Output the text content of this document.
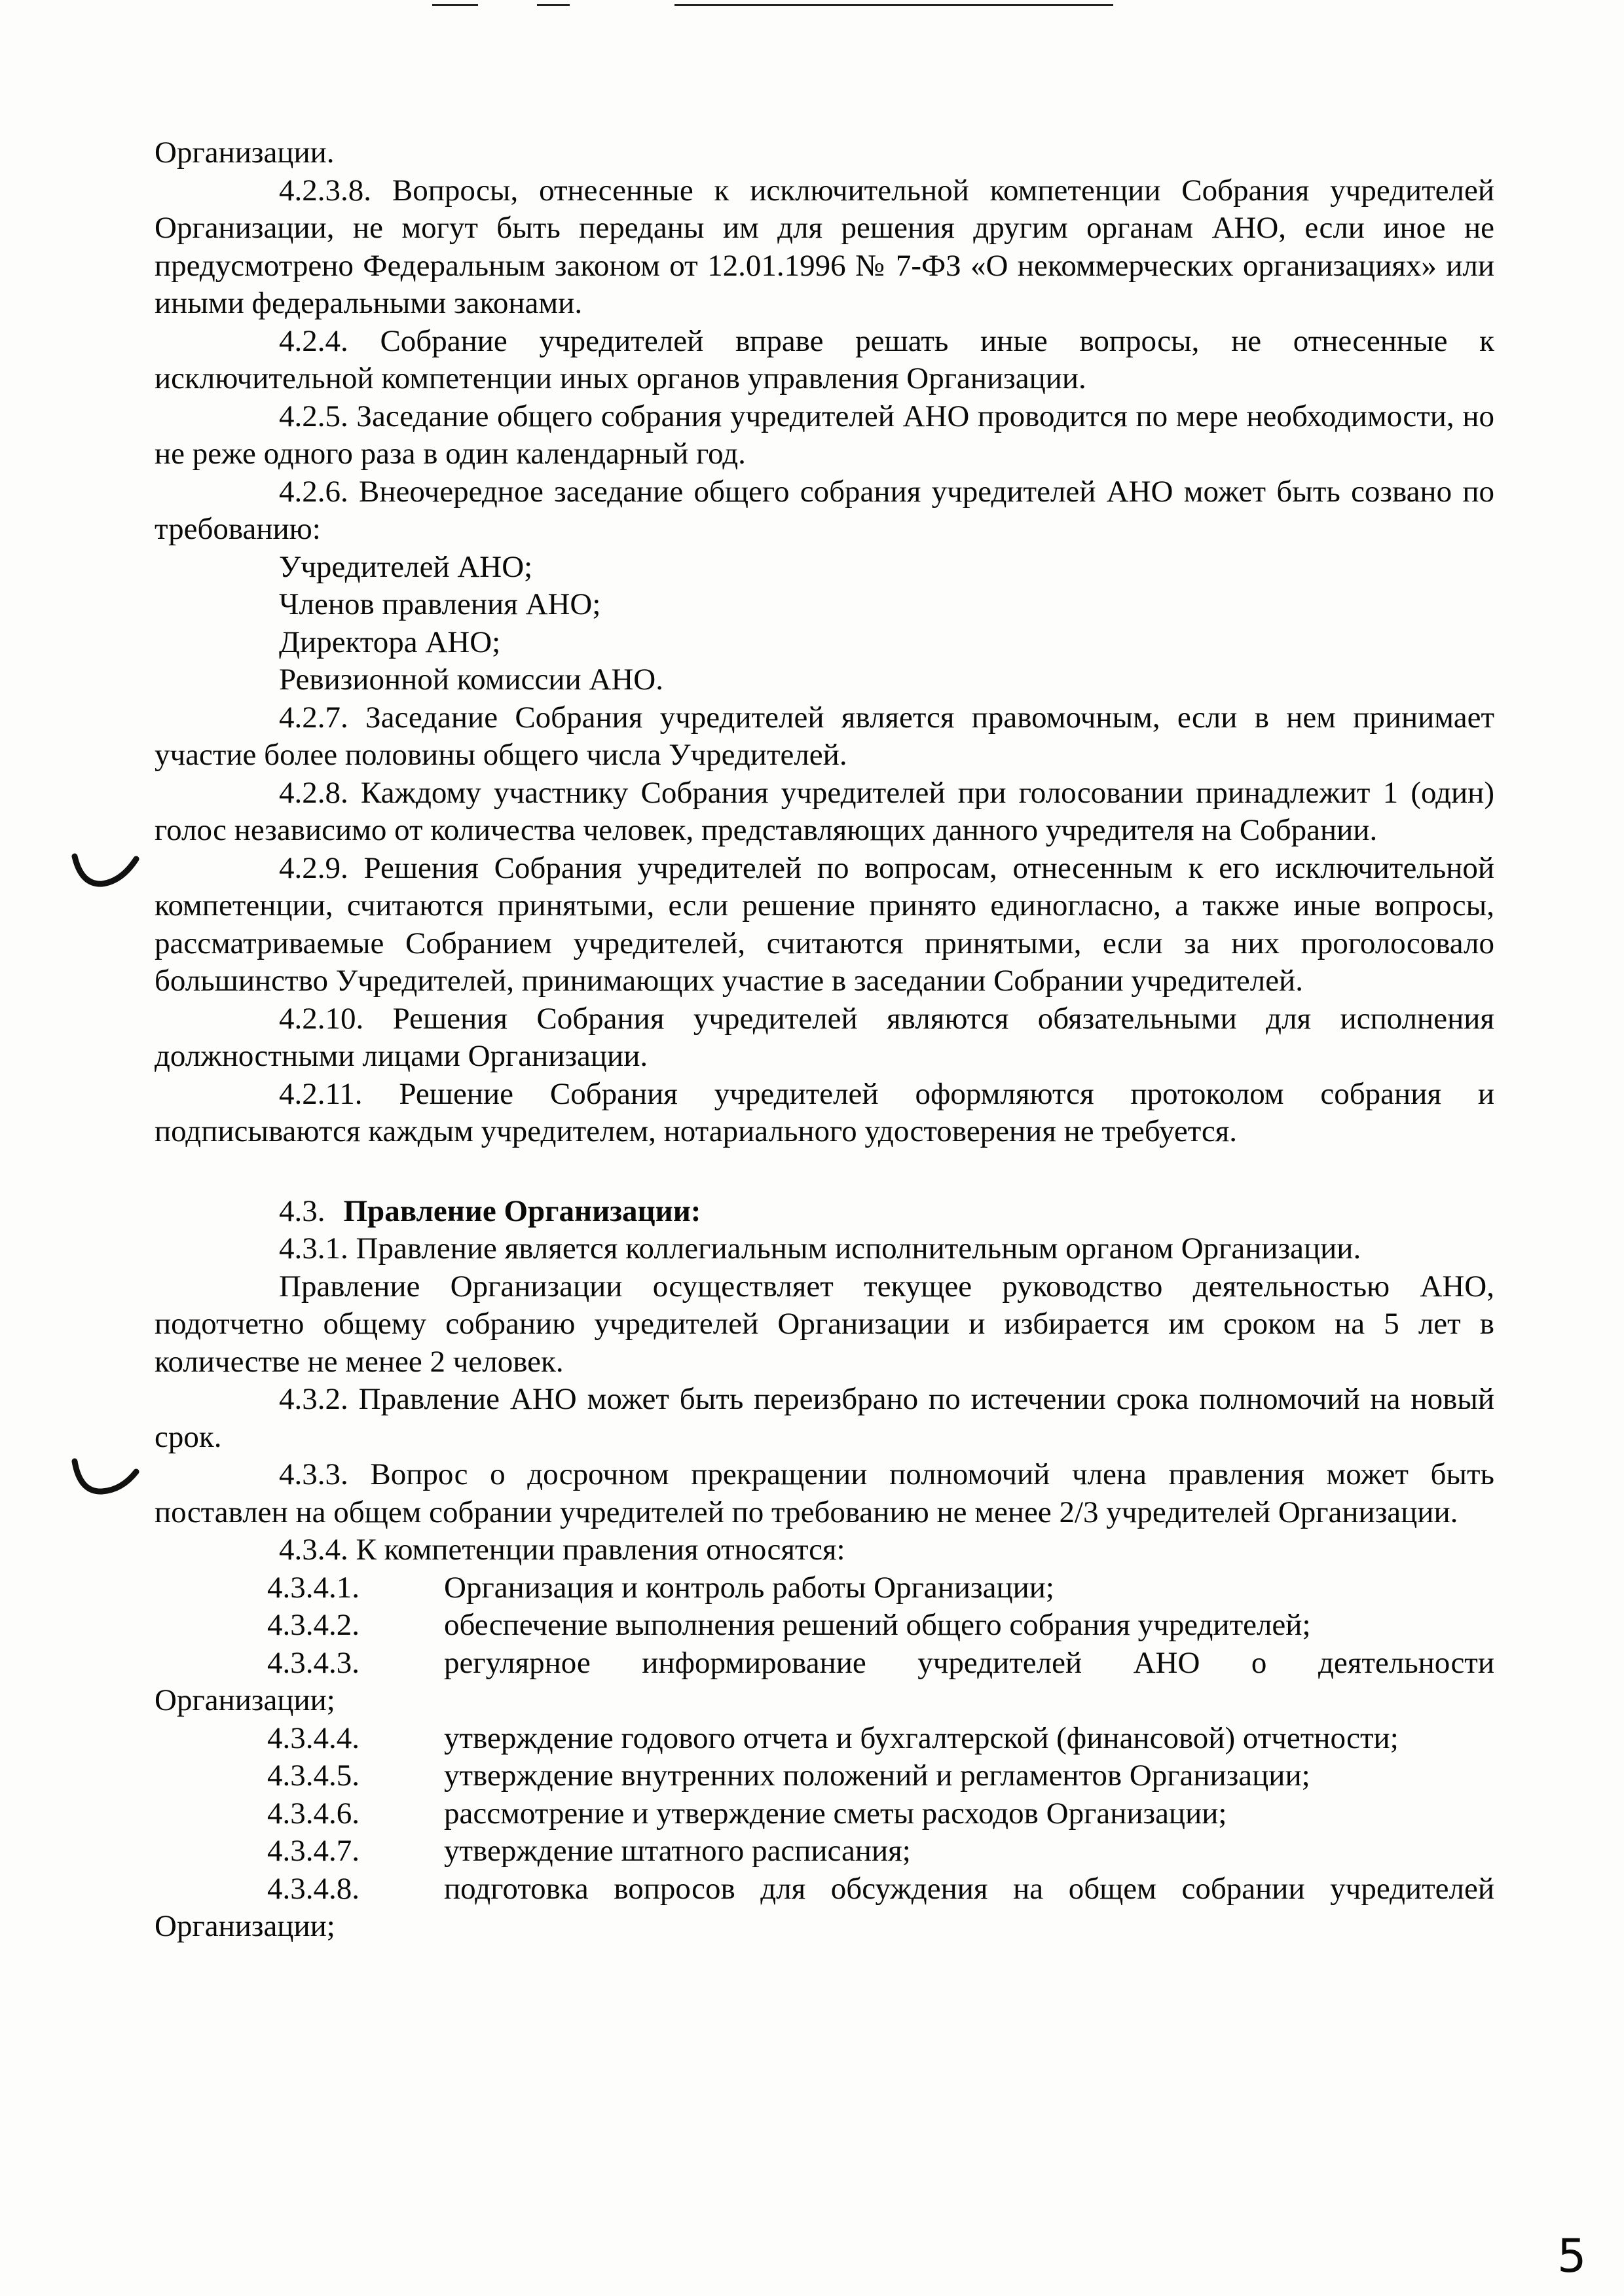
Организации.

4.2.3.8. Вопросы, отнесенные к исключительной компетенции Собрания учредителей Организации, не могут быть переданы им для решения другим органам АНО, если иное не предусмотрено Федеральным законом от 12.01.1996 № 7-ФЗ «О некоммерческих организациях» или иными федеральными законами.

4.2.4. Собрание учредителей вправе решать иные вопросы, не отнесенные к исключительной компетенции иных органов управления Организации.

4.2.5. Заседание общего собрания учредителей АНО проводится по мере необходимости, но не реже одного раза в один календарный год.

4.2.6. Внеочередное заседание общего собрания учредителей АНО может быть созвано по требованию:

Учредителей АНО;

Членов правления АНО;

Директора АНО;

Ревизионной комиссии АНО.

4.2.7. Заседание Собрания учредителей является правомочным, если в нем принимает участие более половины общего числа Учредителей.

4.2.8. Каждому участнику Собрания учредителей при голосовании принадлежит 1 (один) голос независимо от количества человек, представляющих данного учредителя на Собрании.

4.2.9. Решения Собрания учредителей по вопросам, отнесенным к его исключительной компетенции, считаются принятыми, если решение принято единогласно, а также иные вопросы, рассматриваемые Собранием учредителей, считаются принятыми, если за них проголосовало большинство Учредителей, принимающих участие в заседании Собрании учредителей.

4.2.10. Решения Собрания учредителей являются обязательными для исполнения должностными лицами Организации.

4.2.11. Решение Собрания учредителей оформляются протоколом собрания и подписываются каждым учредителем, нотариального удостоверения не требуется.

4.3. Правление Организации:

4.3.1. Правление является коллегиальным исполнительным органом Организации.

Правление Организации осуществляет текущее руководство деятельностью АНО, подотчетно общему собранию учредителей Организации и избирается им сроком на 5 лет в количестве не менее 2 человек.

4.3.2. Правление АНО может быть переизбрано по истечении срока полномочий на новый срок.

4.3.3. Вопрос о досрочном прекращении полномочий члена правления может быть поставлен на общем собрании учредителей по требованию не менее 2/3 учредителей Организации.

4.3.4. К компетенции правления относятся:

4.3.4.1.	Организация и контроль работы Организации;
4.3.4.2.	обеспечение выполнения решений общего собрания учредителей;
4.3.4.3.	регулярное информирование учредителей АНО о деятельности

Организации;

4.3.4.4.	утверждение годового отчета и бухгалтерской (финансовой) отчетности;
4.3.4.5.	утверждение внутренних положений и регламентов Организации;
4.3.4.6.	рассмотрение и утверждение сметы расходов Организации;
4.3.4.7.	утверждение штатного расписания;
4.3.4.8.	подготовка вопросов для обсуждения на общем собрании учредителей

Организации;

5
